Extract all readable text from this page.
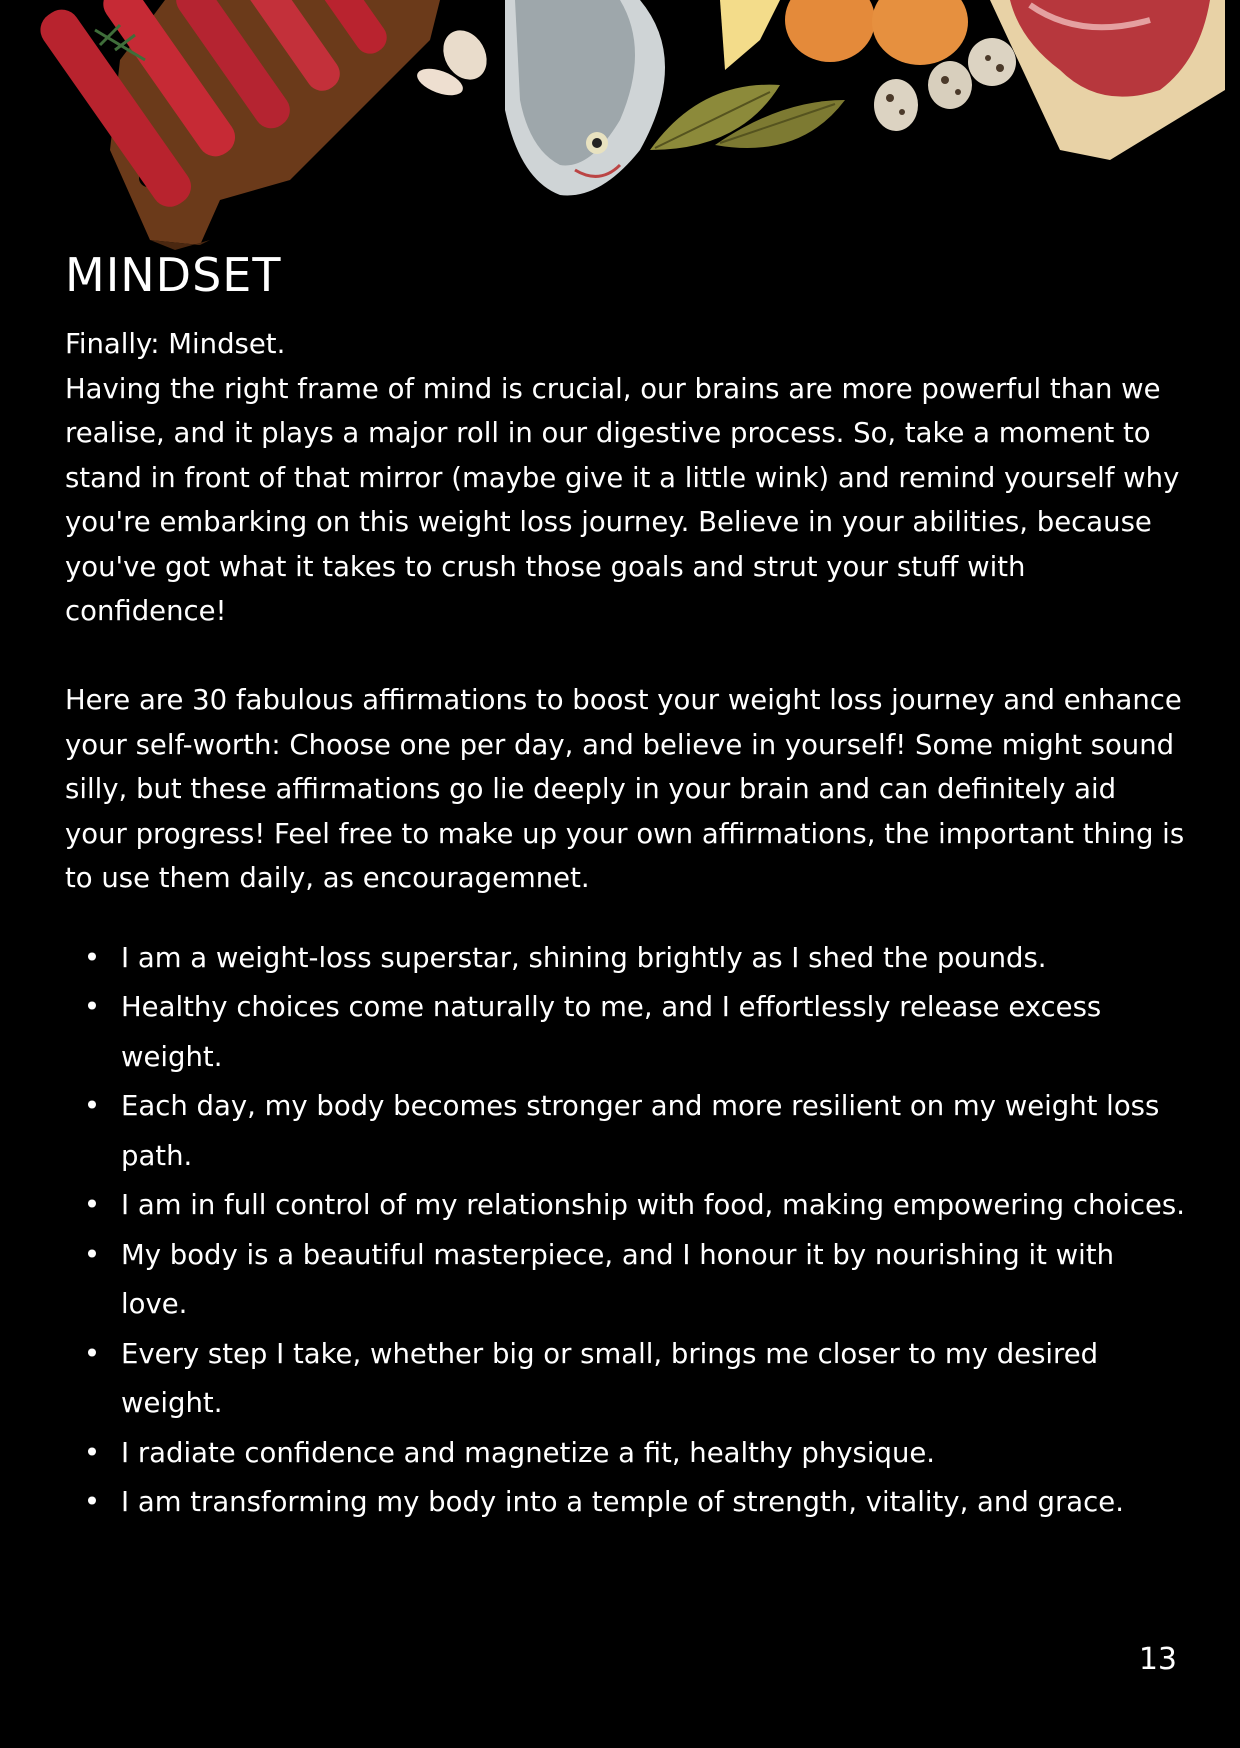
MINDSET

Finally: Mindset.

Having the right frame of mind is crucial, our brains are more powerful than we realise, and it plays a major roll in our digestive process. So, take a moment to stand in front of that mirror (maybe give it a little wink) and remind yourself why you're embarking on this weight loss journey. Believe in your abilities, because you've got what it takes to crush those goals and strut your stuff with confidence!

Here are 30 fabulous affirmations to boost your weight loss journey and enhance your self-worth: Choose one per day, and believe in yourself! Some might sound silly, but these affirmations go lie deeply in your brain and can definitely aid your progress! Feel free to make up your own affirmations, the important thing is to use them daily, as encouragemnet.

• I am a weight-loss superstar, shining brightly as I shed the pounds.
• Healthy choices come naturally to me, and I effortlessly release excess weight.
• Each day, my body becomes stronger and more resilient on my weight loss path.
• I am in full control of my relationship with food, making empowering choices.
• My body is a beautiful masterpiece, and I honour it by nourishing it with love.
• Every step I take, whether big or small, brings me closer to my desired weight.
• I radiate confidence and magnetize a fit, healthy physique.
• I am transforming my body into a temple of strength, vitality, and grace.
13
